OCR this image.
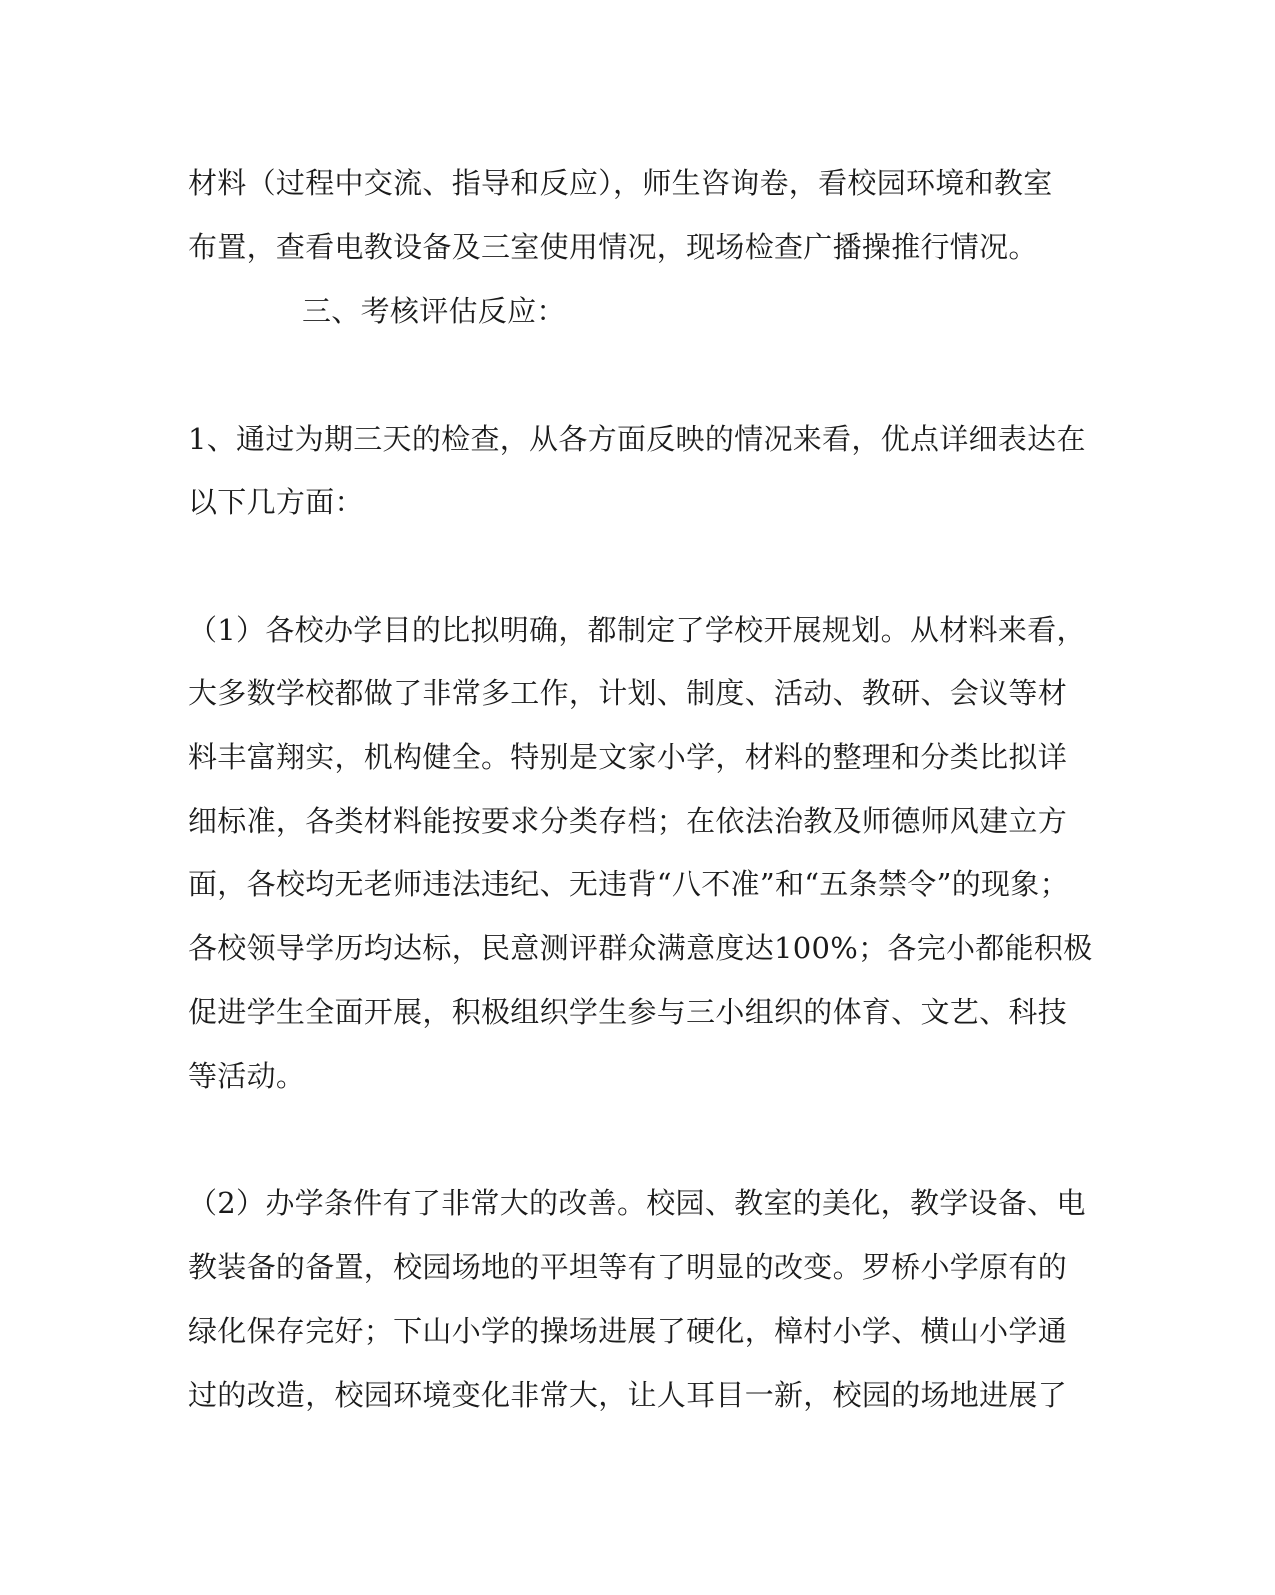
材料（过程中交流、指导和反应），师生咨询卷，看校园环境和教室
布置，查看电教设备及三室使用情况，现场检查广播操推行情况。
三、考核评估反应：
1、通过为期三天的检查，从各方面反映的情况来看，优点详细表达在
以下几方面：
（1）各校办学目的比拟明确，都制定了学校开展规划。从材料来看，
大多数学校都做了非常多工作，计划、制度、活动、教研、会议等材
料丰富翔实，机构健全。特别是文家小学，材料的整理和分类比拟详
细标准，各类材料能按要求分类存档；在依法治教及师德师风建立方
面，各校均无老师违法违纪、无违背“八不准”和“五条禁令”的现象；
各校领导学历均达标，民意测评群众满意度达100%；各完小都能积极
促进学生全面开展，积极组织学生参与三小组织的体育、文艺、科技
等活动。
（2）办学条件有了非常大的改善。校园、教室的美化，教学设备、电
教装备的备置，校园场地的平坦等有了明显的改变。罗桥小学原有的
绿化保存完好；下山小学的操场进展了硬化，樟村小学、横山小学通
过的改造，校园环境变化非常大，让人耳目一新，校园的场地进展了
